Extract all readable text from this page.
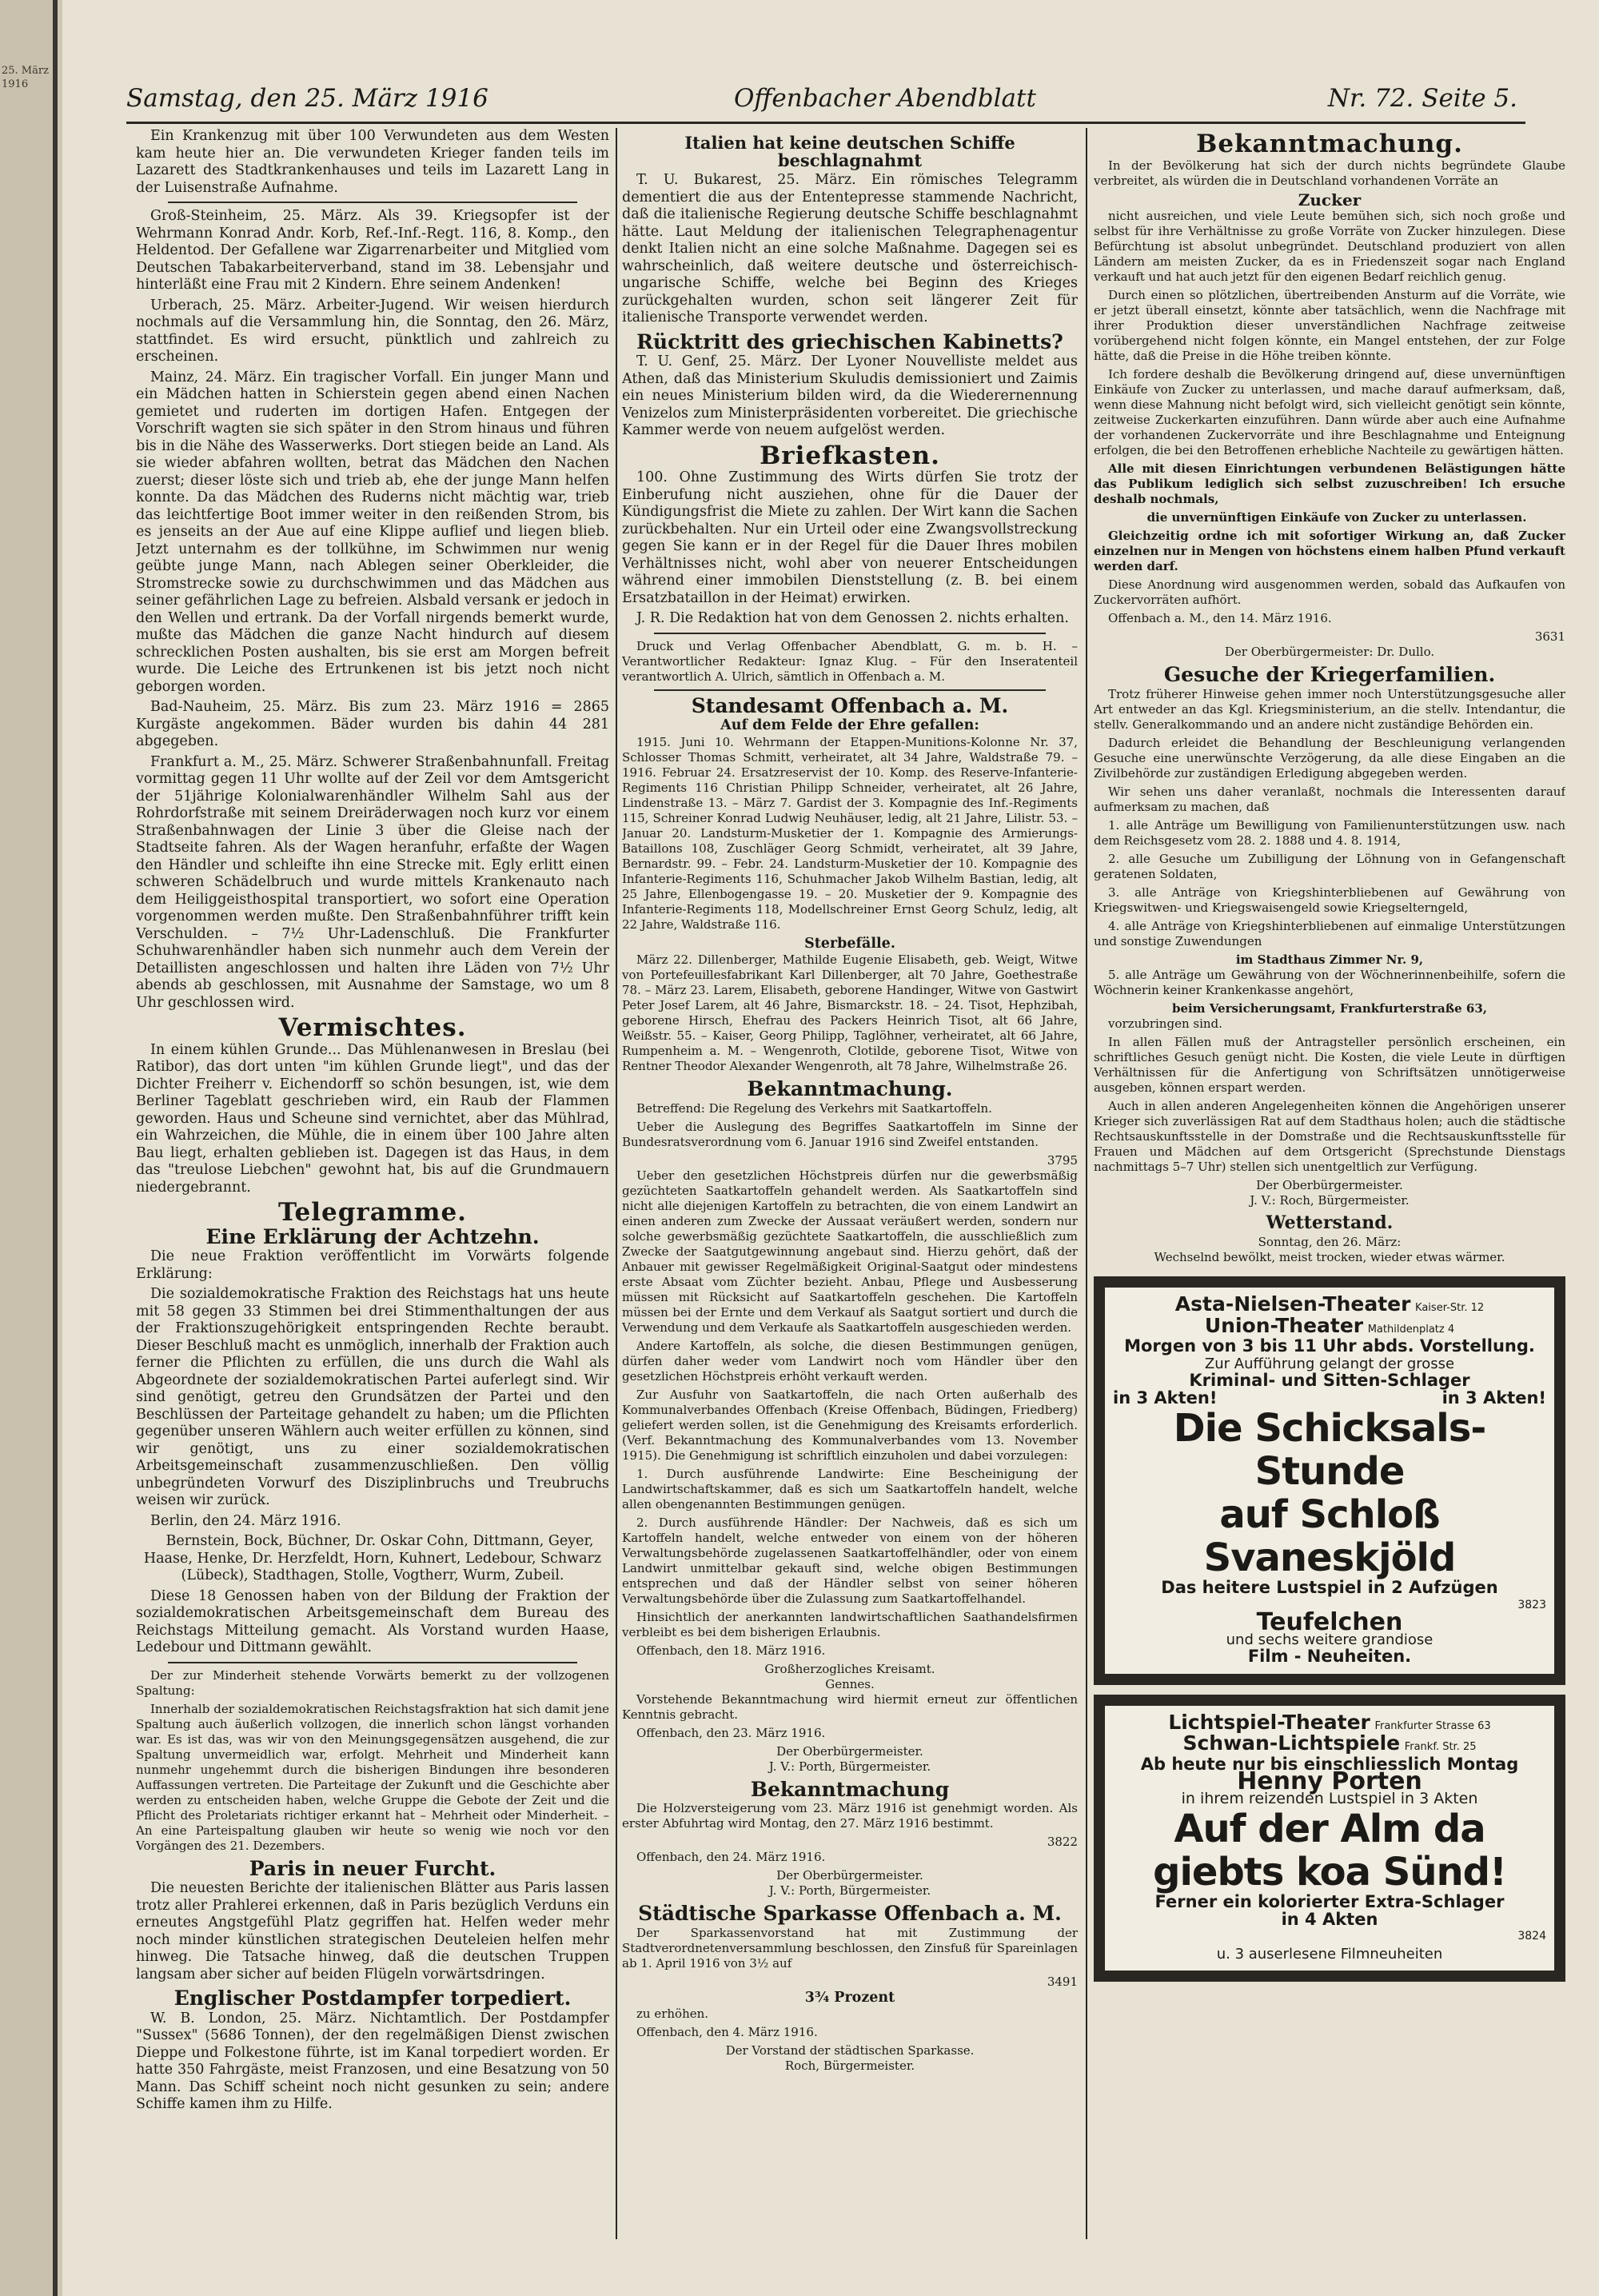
25. März 1916	Samstag, den 25. März 1916	Offenbacher Abendblatt	Nr. 72. Seite 5.

Ein Krankenzug mit über 100 Verwundeten aus dem Westen kam heute hier an. Die verwundeten Krieger fanden teils im Lazarett des Stadtkrankenhauses und teils im Lazarett Lang in der Luisenstraße Aufnahme.

Groß-Steinheim, 25. März. Als 39. Kriegsopfer ist der Wehrmann Konrad Andr. Korb, Ref.-Inf.-Regt. 116, 8. Komp., den Heldentod. Der Gefallene war Zigarrenarbeiter und Mitglied vom Deutschen Tabakarbeiterverband, stand im 38. Lebensjahr und hinterläßt eine Frau mit 2 Kindern. Ehre seinem Andenken!

Urberach, 25. März. Arbeiter-Jugend. Wir weisen hierdurch nochmals auf die Versammlung hin, die Sonntag, den 26. März, stattfindet. Es wird ersucht, pünktlich und zahlreich zu erscheinen.

Mainz, 24. März. Ein tragischer Vorfall. Ein junger Mann und ein Mädchen hatten in Schierstein gegen abend einen Nachen gemietet und ruderten im dortigen Hafen. Entgegen der Vorschrift wagten sie sich später in den Strom hinaus und führen bis in die Nähe des Wasserwerks. Dort stiegen beide an Land. Als sie wieder abfahren wollten, betrat das Mädchen den Nachen zuerst; dieser löste sich und trieb ab, ehe der junge Mann helfen konnte. Da das Mädchen des Ruderns nicht mächtig war, trieb das leichtfertige Boot immer weiter in den reißenden Strom, bis es jenseits an der Aue auf eine Klippe auflief und liegen blieb. Jetzt unternahm es der tollkühne, im Schwimmen nur wenig geübte junge Mann, nach Ablegen seiner Oberkleider, die Stromstrecke sowie zu durchschwimmen und das Mädchen aus seiner gefährlichen Lage zu befreien. Alsbald versank er jedoch in den Wellen und ertrank. Da der Vorfall nirgends bemerkt wurde, mußte das Mädchen die ganze Nacht hindurch auf diesem schrecklichen Posten aushalten, bis sie erst am Morgen befreit wurde. Die Leiche des Ertrunkenen ist bis jetzt noch nicht geborgen worden.

Bad-Nauheim, 25. März. Bis zum 23. März 1916 = 2865 Kurgäste angekommen. Bäder wurden bis dahin 44 281 abgegeben.

Frankfurt a. M., 25. März. Schwerer Straßenbahnunfall. Freitag vormittag gegen 11 Uhr wollte auf der Zeil vor dem Amtsgericht der 51jährige Kolonialwarenhändler Wilhelm Sahl aus der Rohrdorfstraße mit seinem Dreiräderwagen noch kurz vor einem Straßenbahnwagen der Linie 3 über die Gleise nach der Stadtseite fahren. Als der Wagen heranfuhr, erfaßte der Wagen den Händler und schleifte ihn eine Strecke mit. Egly erlitt einen schweren Schädelbruch und wurde mittels Krankenauto nach dem Heiliggeisthospital transportiert, wo sofort eine Operation vorgenommen werden mußte. Den Straßenbahnführer trifft kein Verschulden. – 7½ Uhr-Ladenschluß. Die Frankfurter Schuhwarenhändler haben sich nunmehr auch dem Verein der Detaillisten angeschlossen und halten ihre Läden von 7½ Uhr abends ab geschlossen, mit Ausnahme der Samstage, wo um 8 Uhr geschlossen wird.

Vermischtes.

In einem kühlen Grunde... Das Mühlenanwesen in Breslau (bei Ratibor), das dort unten "im kühlen Grunde liegt", und das der Dichter Freiherr v. Eichendorff so schön besungen, ist, wie dem Berliner Tageblatt geschrieben wird, ein Raub der Flammen geworden. Haus und Scheune sind vernichtet, aber das Mühlrad, ein Wahrzeichen, die Mühle, die in einem über 100 Jahre alten Bau liegt, erhalten geblieben ist. Dagegen ist das Haus, in dem das "treulose Liebchen" gewohnt hat, bis auf die Grundmauern niedergebrannt.

Telegramme.
Eine Erklärung der Achtzehn.

Die neue Fraktion veröffentlicht im Vorwärts folgende Erklärung:

Die sozialdemokratische Fraktion des Reichstags hat uns heute mit 58 gegen 33 Stimmen bei drei Stimmenthaltungen der aus der Fraktionszugehörigkeit entspringenden Rechte beraubt. Dieser Beschluß macht es unmöglich, innerhalb der Fraktion auch ferner die Pflichten zu erfüllen, die uns durch die Wahl als Abgeordnete der sozialdemokratischen Partei auferlegt sind. Wir sind genötigt, getreu den Grundsätzen der Partei und den Beschlüssen der Parteitage gehandelt zu haben; um die Pflichten gegenüber unseren Wählern auch weiter erfüllen zu können, sind wir genötigt, uns zu einer sozialdemokratischen Arbeitsgemeinschaft zusammenzuschließen. Den völlig unbegründeten Vorwurf des Disziplinbruchs und Treubruchs weisen wir zurück.

Berlin, den 24. März 1916.

Bernstein, Bock, Büchner, Dr. Oskar Cohn, Dittmann, Geyer, Haase, Henke, Dr. Herzfeldt, Horn, Kuhnert, Ledebour, Schwarz (Lübeck), Stadthagen, Stolle, Vogtherr, Wurm, Zubeil.

Diese 18 Genossen haben von der Bildung der Fraktion der sozialdemokratischen Arbeitsgemeinschaft dem Bureau des Reichstags Mitteilung gemacht. Als Vorstand wurden Haase, Ledebour und Dittmann gewählt.

Der zur Minderheit stehende Vorwärts bemerkt zu der vollzogenen Spaltung:

Innerhalb der sozialdemokratischen Reichstagsfraktion hat sich damit jene Spaltung auch äußerlich vollzogen, die innerlich schon längst vorhanden war. Es ist das, was wir von den Meinungsgegensätzen ausgehend, die zur Spaltung unvermeidlich war, erfolgt. Mehrheit und Minderheit kann nunmehr ungehemmt durch die bisherigen Bindungen ihre besonderen Auffassungen vertreten. Die Parteitage der Zukunft und die Geschichte aber werden zu entscheiden haben, welche Gruppe die Gebote der Zeit und die Pflicht des Proletariats richtiger erkannt hat – Mehrheit oder Minderheit. – An eine Parteispaltung glauben wir heute so wenig wie noch vor den Vorgängen des 21. Dezembers.

Paris in neuer Furcht.

Die neuesten Berichte der italienischen Blätter aus Paris lassen trotz aller Prahlerei erkennen, daß in Paris bezüglich Verduns ein erneutes Angstgefühl Platz gegriffen hat. Helfen weder mehr noch minder künstlichen strategischen Deuteleien helfen mehr hinweg. Die Tatsache hinweg, daß die deutschen Truppen langsam aber sicher auf beiden Flügeln vorwärtsdringen.

Englischer Postdampfer torpediert.

W. B. London, 25. März. Nichtamtlich. Der Postdampfer "Sussex" (5686 Tonnen), der den regelmäßigen Dienst zwischen Dieppe und Folkestone führte, ist im Kanal torpediert worden. Er hatte 350 Fahrgäste, meist Franzosen, und eine Besatzung von 50 Mann. Das Schiff scheint noch nicht gesunken zu sein; andere Schiffe kamen ihm zu Hilfe.

Italien hat keine deutschen Schiffe beschlagnahmt

T. U. Bukarest, 25. März. Ein römisches Telegramm dementiert die aus der Ententepresse stammende Nachricht, daß die italienische Regierung deutsche Schiffe beschlagnahmt hätte. Laut Meldung der italienischen Telegraphenagentur denkt Italien nicht an eine solche Maßnahme. Dagegen sei es wahrscheinlich, daß weitere deutsche und österreichisch-ungarische Schiffe, welche bei Beginn des Krieges zurückgehalten wurden, schon seit längerer Zeit für italienische Transporte verwendet werden.

Rücktritt des griechischen Kabinetts?

T. U. Genf, 25. März. Der Lyoner Nouvelliste meldet aus Athen, daß das Ministerium Skuludis demissioniert und Zaimis ein neues Ministerium bilden wird, da die Wiederernennung Venizelos zum Ministerpräsidenten vorbereitet. Die griechische Kammer werde von neuem aufgelöst werden.

Briefkasten.

100. Ohne Zustimmung des Wirts dürfen Sie trotz der Einberufung nicht ausziehen, ohne für die Dauer der Kündigungsfrist die Miete zu zahlen. Der Wirt kann die Sachen zurückbehalten. Nur ein Urteil oder eine Zwangsvollstreckung gegen Sie kann er in der Regel für die Dauer Ihres mobilen Verhältnisses nicht, wohl aber von neuerer Entscheidungen während einer immobilen Dienststellung (z. B. bei einem Ersatzbataillon in der Heimat) erwirken.

J. R. Die Redaktion hat von dem Genossen 2. nichts erhalten.

Druck und Verlag Offenbacher Abendblatt, G. m. b. H. – Verantwortlicher Redakteur: Ignaz Klug. – Für den Inseratenteil verantwortlich A. Ulrich, sämtlich in Offenbach a. M.

Standesamt Offenbach a. M.
Auf dem Felde der Ehre gefallen:

1915. Juni 10. Wehrmann der Etappen-Munitions-Kolonne Nr. 37, Schlosser Thomas Schmitt, verheiratet, alt 34 Jahre, Waldstraße 79. – 1916. Februar 24. Ersatzreservist der 10. Komp. des Reserve-Infanterie-Regiments 116 Christian Philipp Schneider, verheiratet, alt 26 Jahre, Lindenstraße 13. – März 7. Gardist der 3. Kompagnie des Inf.-Regiments 115, Schreiner Konrad Ludwig Neuhäuser, ledig, alt 21 Jahre, Lilistr. 53. – Januar 20. Landsturm-Musketier der 1. Kompagnie des Armierungs-Bataillons 108, Zuschläger Georg Schmidt, verheiratet, alt 39 Jahre, Bernardstr. 99. – Febr. 24. Landsturm-Musketier der 10. Kompagnie des Infanterie-Regiments 116, Schuhmacher Jakob Wilhelm Bastian, ledig, alt 25 Jahre, Ellenbogengasse 19. – 20. Musketier der 9. Kompagnie des Infanterie-Regiments 118, Modellschreiner Ernst Georg Schulz, ledig, alt 22 Jahre, Waldstraße 116.

Sterbefälle.

März 22. Dillenberger, Mathilde Eugenie Elisabeth, geb. Weigt, Witwe von Portefeuillesfabrikant Karl Dillenberger, alt 70 Jahre, Goethestraße 78. – März 23. Larem, Elisabeth, geborene Handinger, Witwe von Gastwirt Peter Josef Larem, alt 46 Jahre, Bismarckstr. 18. – 24. Tisot, Hephzibah, geborene Hirsch, Ehefrau des Packers Heinrich Tisot, alt 66 Jahre, Weißstr. 55. – Kaiser, Georg Philipp, Taglöhner, verheiratet, alt 66 Jahre, Rumpenheim a. M. – Wengenroth, Clotilde, geborene Tisot, Witwe von Rentner Theodor Alexander Wengenroth, alt 78 Jahre, Wilhelmstraße 26.

Bekanntmachung.

Betreffend: Die Regelung des Verkehrs mit Saatkartoffeln.

Ueber die Auslegung des Begriffes Saatkartoffeln im Sinne der Bundesratsverordnung vom 6. Januar 1916 sind Zweifel entstanden.

3795

Ueber den gesetzlichen Höchstpreis dürfen nur die gewerbsmäßig gezüchteten Saatkartoffeln gehandelt werden. Als Saatkartoffeln sind nicht alle diejenigen Kartoffeln zu betrachten, die von einem Landwirt an einen anderen zum Zwecke der Aussaat veräußert werden, sondern nur solche gewerbsmäßig gezüchtete Saatkartoffeln, die ausschließlich zum Zwecke der Saatgutgewinnung angebaut sind. Hierzu gehört, daß der Anbauer mit gewisser Regelmäßigkeit Original-Saatgut oder mindestens erste Absaat vom Züchter bezieht. Anbau, Pflege und Ausbesserung müssen mit Rücksicht auf Saatkartoffeln geschehen. Die Kartoffeln müssen bei der Ernte und dem Verkauf als Saatgut sortiert und durch die Verwendung und dem Verkaufe als Saatkartoffeln ausgeschieden werden.

Andere Kartoffeln, als solche, die diesen Bestimmungen genügen, dürfen daher weder vom Landwirt noch vom Händler über den gesetzlichen Höchstpreis erhöht verkauft werden.

Zur Ausfuhr von Saatkartoffeln, die nach Orten außerhalb des Kommunalverbandes Offenbach (Kreise Offenbach, Büdingen, Friedberg) geliefert werden sollen, ist die Genehmigung des Kreisamts erforderlich. (Verf. Bekanntmachung des Kommunalverbandes vom 13. November 1915). Die Genehmigung ist schriftlich einzuholen und dabei vorzulegen:

1. Durch ausführende Landwirte: Eine Bescheinigung der Landwirtschaftskammer, daß es sich um Saatkartoffeln handelt, welche allen obengenannten Bestimmungen genügen.

2. Durch ausführende Händler: Der Nachweis, daß es sich um Kartoffeln handelt, welche entweder von einem von der höheren Verwaltungsbehörde zugelassenen Saatkartoffelhändler, oder von einem Landwirt unmittelbar gekauft sind, welche obigen Bestimmungen entsprechen und daß der Händler selbst von seiner höheren Verwaltungsbehörde über die Zulassung zum Saatkartoffelhandel.

Hinsichtlich der anerkannten landwirtschaftlichen Saathandelsfirmen verbleibt es bei dem bisherigen Erlaubnis.

Offenbach, den 18. März 1916.

Großherzogliches Kreisamt.
Gennes.

Vorstehende Bekanntmachung wird hiermit erneut zur öffentlichen Kenntnis gebracht.

Offenbach, den 23. März 1916.

Der Oberbürgermeister.
J. V.: Porth, Bürgermeister.
Bekanntmachung

Die Holzversteigerung vom 23. März 1916 ist genehmigt worden. Als erster Abfuhrtag wird Montag, den 27. März 1916 bestimmt.

3822

Offenbach, den 24. März 1916.

Der Oberbürgermeister.
J. V.: Porth, Bürgermeister.
Städtische Sparkasse Offenbach a. M.

Der Sparkassenvorstand hat mit Zustimmung der Stadtverordnetenversammlung beschlossen, den Zinsfuß für Spareinlagen ab 1. April 1916 von 3½ auf

3491
3¾ Prozent

zu erhöhen.

Offenbach, den 4. März 1916.

Der Vorstand der städtischen Sparkasse.
Roch, Bürgermeister.
Bekanntmachung.

In der Bevölkerung hat sich der durch nichts begründete Glaube verbreitet, als würden die in Deutschland vorhandenen Vorräte an

Zucker

nicht ausreichen, und viele Leute bemühen sich, sich noch große und selbst für ihre Verhältnisse zu große Vorräte von Zucker hinzulegen. Diese Befürchtung ist absolut unbegründet. Deutschland produziert von allen Ländern am meisten Zucker, da es in Friedenszeit sogar nach England verkauft und hat auch jetzt für den eigenen Bedarf reichlich genug.

Durch einen so plötzlichen, übertreibenden Ansturm auf die Vorräte, wie er jetzt überall einsetzt, könnte aber tatsächlich, wenn die Nachfrage mit ihrer Produktion dieser unverständlichen Nachfrage zeitweise vorübergehend nicht folgen könnte, ein Mangel entstehen, der zur Folge hätte, daß die Preise in die Höhe treiben könnte.

Ich fordere deshalb die Bevölkerung dringend auf, diese unvernünftigen Einkäufe von Zucker zu unterlassen, und mache darauf aufmerksam, daß, wenn diese Mahnung nicht befolgt wird, sich vielleicht genötigt sein könnte, zeitweise Zuckerkarten einzuführen. Dann würde aber auch eine Aufnahme der vorhandenen Zuckervorräte und ihre Beschlagnahme und Enteignung erfolgen, die bei den Betroffenen erhebliche Nachteile zu gewärtigen hätten.

Alle mit diesen Einrichtungen verbundenen Belästigungen hätte das Publikum lediglich sich selbst zuzuschreiben! Ich ersuche deshalb nochmals,

die unvernünftigen Einkäufe von Zucker zu unterlassen.

Gleichzeitig ordne ich mit sofortiger Wirkung an, daß Zucker einzelnen nur in Mengen von höchstens einem halben Pfund verkauft werden darf.

Diese Anordnung wird ausgenommen werden, sobald das Aufkaufen von Zuckervorräten aufhört.

Offenbach a. M., den 14. März 1916.

3631
Der Oberbürgermeister: Dr. Dullo.
Gesuche der Kriegerfamilien.

Trotz früherer Hinweise gehen immer noch Unterstützungsgesuche aller Art entweder an das Kgl. Kriegsministerium, an die stellv. Intendantur, die stellv. Generalkommando und an andere nicht zuständige Behörden ein.

Dadurch erleidet die Behandlung der Beschleunigung verlangenden Gesuche eine unerwünschte Verzögerung, da alle diese Eingaben an die Zivilbehörde zur zuständigen Erledigung abgegeben werden.

Wir sehen uns daher veranlaßt, nochmals die Interessenten darauf aufmerksam zu machen, daß

1. alle Anträge um Bewilligung von Familienunterstützungen usw. nach dem Reichsgesetz vom 28. 2. 1888 und 4. 8. 1914,

2. alle Gesuche um Zubilligung der Löhnung von in Gefangenschaft geratenen Soldaten,

3. alle Anträge von Kriegshinterbliebenen auf Gewährung von Kriegswitwen- und Kriegswaisengeld sowie Kriegselterngeld,

4. alle Anträge von Kriegshinterbliebenen auf einmalige Unterstützungen und sonstige Zuwendungen

im Stadthaus Zimmer Nr. 9,

5. alle Anträge um Gewährung von der Wöchnerinnenbeihilfe, sofern die Wöchnerin keiner Krankenkasse angehört,

beim Versicherungsamt, Frankfurterstraße 63,

vorzubringen sind.

In allen Fällen muß der Antragsteller persönlich erscheinen, ein schriftliches Gesuch genügt nicht. Die Kosten, die viele Leute in dürftigen Verhältnissen für die Anfertigung von Schriftsätzen unnötigerweise ausgeben, können erspart werden.

Auch in allen anderen Angelegenheiten können die Angehörigen unserer Krieger sich zuverlässigen Rat auf dem Stadthaus holen; auch die städtische Rechtsauskunftsstelle in der Domstraße und die Rechtsauskunftsstelle für Frauen und Mädchen auf dem Ortsgericht (Sprechstunde Dienstags nachmittags 5–7 Uhr) stellen sich unentgeltlich zur Verfügung.

Der Oberbürgermeister.
J. V.: Roch, Bürgermeister.
Wetterstand.
Sonntag, den 26. März:
Wechselnd bewölkt, meist trocken, wieder etwas wärmer.
Asta-Nielsen-Theater Kaiser-Str. 12
Union-Theater Mathildenplatz 4
Morgen von 3 bis 11 Uhr abds. Vorstellung.
Zur Aufführung gelangt der grosse
Kriminal- und Sitten-Schlager
in 3 Akten!	in 3 Akten!
Die Schicksals-Stunde
auf Schloß Svaneskjöld
Das heitere Lustspiel in 2 Aufzügen
3823
Teufelchen
und sechs weitere grandiose
Film - Neuheiten.
Lichtspiel-Theater Frankfurter Strasse 63
Schwan-Lichtspiele Frankf. Str. 25
Ab heute nur bis einschliesslich Montag
Henny Porten
in ihrem reizenden Lustspiel in 3 Akten
Auf der Alm da
giebts koa Sünd!
Ferner ein kolorierter Extra-Schlager
in 4 Akten
3824
u. 3 auserlesene Filmneuheiten
